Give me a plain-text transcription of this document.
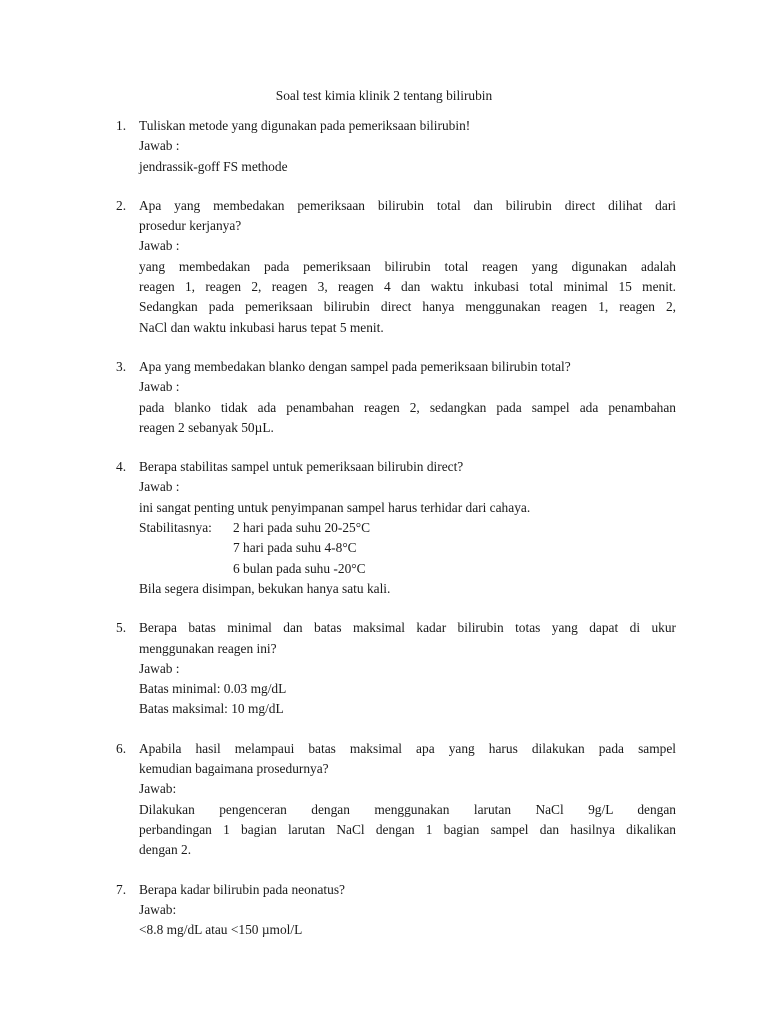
Soal test kimia klinik 2 tentang bilirubin
1. Tuliskan metode yang digunakan pada pemeriksaan bilirubin!
Jawab :
jendrassik-goff FS methode
2. Apa yang membedakan pemeriksaan bilirubin total dan bilirubin direct dilihat dari
prosedur kerjanya?
Jawab :
yang membedakan pada pemeriksaan bilirubin total reagen yang digunakan adalah
reagen 1, reagen 2, reagen 3, reagen 4 dan waktu inkubasi total minimal 15 menit.
Sedangkan pada pemeriksaan bilirubin direct hanya menggunakan reagen 1, reagen 2,
NaCl dan waktu inkubasi harus tepat 5 menit.
3. Apa yang membedakan blanko dengan sampel pada pemeriksaan bilirubin total?
Jawab :
pada blanko tidak ada penambahan reagen 2, sedangkan pada sampel ada penambahan
reagen 2 sebanyak 50µL.
4. Berapa stabilitas sampel untuk pemeriksaan bilirubin direct?
Jawab :
ini sangat penting untuk penyimpanan sampel harus terhidar dari cahaya.
Stabilitasnya: 2 hari pada suhu 20-25°C
7 hari pada suhu 4-8°C
6 bulan pada suhu -20°C
Bila segera disimpan, bekukan hanya satu kali.
5. Berapa batas minimal dan batas maksimal kadar bilirubin totas yang dapat di ukur
menggunakan reagen ini?
Jawab :
Batas minimal: 0.03 mg/dL
Batas maksimal: 10 mg/dL
6. Apabila hasil melampaui batas maksimal apa yang harus dilakukan pada sampel
kemudian bagaimana prosedurnya?
Jawab:
Dilakukan pengenceran dengan menggunakan larutan NaCl 9g/L dengan
perbandingan 1 bagian larutan NaCl dengan 1 bagian sampel dan hasilnya dikalikan
dengan 2.
7. Berapa kadar bilirubin pada neonatus?
Jawab:
<8.8 mg/dL atau <150 µmol/L
